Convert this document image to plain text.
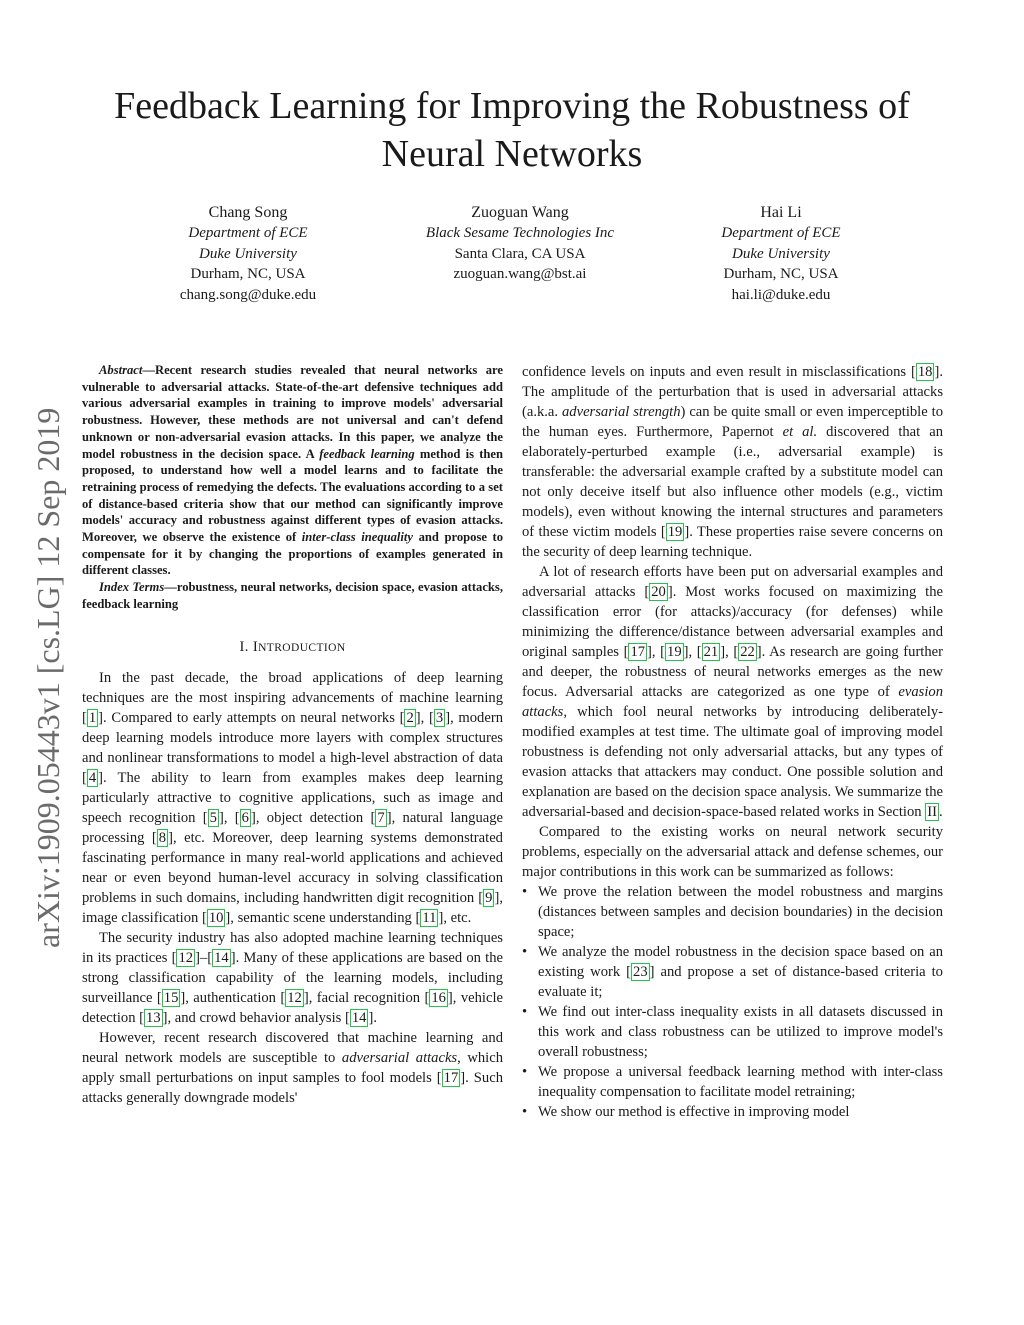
Feedback Learning for Improving the Robustness of Neural Networks
Chang Song
Department of ECE
Duke University
Durham, NC, USA
chang.song@duke.edu
Zuoguan Wang
Black Sesame Technologies Inc
Santa Clara, CA USA
zuoguan.wang@bst.ai
Hai Li
Department of ECE
Duke University
Durham, NC, USA
hai.li@duke.edu
arXiv:1909.05443v1 [cs.LG] 12 Sep 2019

Abstract—Recent research studies revealed that neural networks are vulnerable to adversarial attacks. State-of-the-art defensive techniques add various adversarial examples in training to improve models' adversarial robustness. However, these methods are not universal and can't defend unknown or non-adversarial evasion attacks. In this paper, we analyze the model robustness in the decision space. A feedback learning method is then proposed, to understand how well a model learns and to facilitate the retraining process of remedying the defects. The evaluations according to a set of distance-based criteria show that our method can significantly improve models' accuracy and robustness against different types of evasion attacks. Moreover, we observe the existence of inter-class inequality and propose to compensate for it by changing the proportions of examples generated in different classes.

Index Terms—robustness, neural networks, decision space, evasion attacks, feedback learning

I. INTRODUCTION

In the past decade, the broad applications of deep learning techniques are the most inspiring advancements of machine learning [ 1 ]. Compared to early attempts on neural networks [ 2 ], [ 3 ], modern deep learning models introduce more layers with complex structures and nonlinear transformations to model a high-level abstraction of data [ 4 ]. The ability to learn from examples makes deep learning particularly attractive to cognitive applications, such as image and speech recognition [ 5 ], [ 6 ], object detection [ 7 ], natural language processing [ 8 ], etc. Moreover, deep learning systems demonstrated fascinating performance in many real-world applications and achieved near or even beyond human-level accuracy in solving classification problems in such domains, including handwritten digit recognition [ 9 ], image classification [ 10 ], semantic scene understanding [ 11 ], etc.

The security industry has also adopted machine learning techniques in its practices [ 12 ]–[ 14 ]. Many of these applications are based on the strong classification capability of the learning models, including surveillance [ 15 ], authentication [ 12 ], facial recognition [ 16 ], vehicle detection [ 13 ], and crowd behavior analysis [ 14 ].

However, recent research discovered that machine learning and neural network models are susceptible to adversarial attacks, which apply small perturbations on input samples to fool models [ 17 ]. Such attacks generally downgrade models'

confidence levels on inputs and even result in misclassifications [ 18 ]. The amplitude of the perturbation that is used in adversarial attacks (a.k.a. adversarial strength) can be quite small or even imperceptible to the human eyes. Furthermore, Papernot et al. discovered that an elaborately-perturbed example (i.e., adversarial example) is transferable: the adversarial example crafted by a substitute model can not only deceive itself but also influence other models (e.g., victim models), even without knowing the internal structures and parameters of these victim models [ 19 ]. These properties raise severe concerns on the security of deep learning technique.

A lot of research efforts have been put on adversarial examples and adversarial attacks [ 20 ]. Most works focused on maximizing the classification error (for attacks)/accuracy (for defenses) while minimizing the difference/distance between adversarial examples and original samples [ 17 ], [ 19 ], [ 21 ], [ 22 ]. As research are going further and deeper, the robustness of neural networks emerges as the new focus. Adversarial attacks are categorized as one type of evasion attacks, which fool neural networks by introducing deliberately-modified examples at test time. The ultimate goal of improving model robustness is defending not only adversarial attacks, but any types of evasion attacks that attackers may conduct. One possible solution and explanation are based on the decision space analysis. We summarize the adversarial-based and decision-space-based related works in Section II .

Compared to the existing works on neural network security problems, especially on the adversarial attack and defense schemes, our major contributions in this work can be summarized as follows:

• We prove the relation between the model robustness and margins (distances between samples and decision boundaries) in the decision space;
• We analyze the model robustness in the decision space based on an existing work [ 23 ] and propose a set of distance-based criteria to evaluate it;
• We find out inter-class inequality exists in all datasets discussed in this work and class robustness can be utilized to improve model's overall robustness;
• We propose a universal feedback learning method with inter-class inequality compensation to facilitate model retraining;
• We show our method is effective in improving model
